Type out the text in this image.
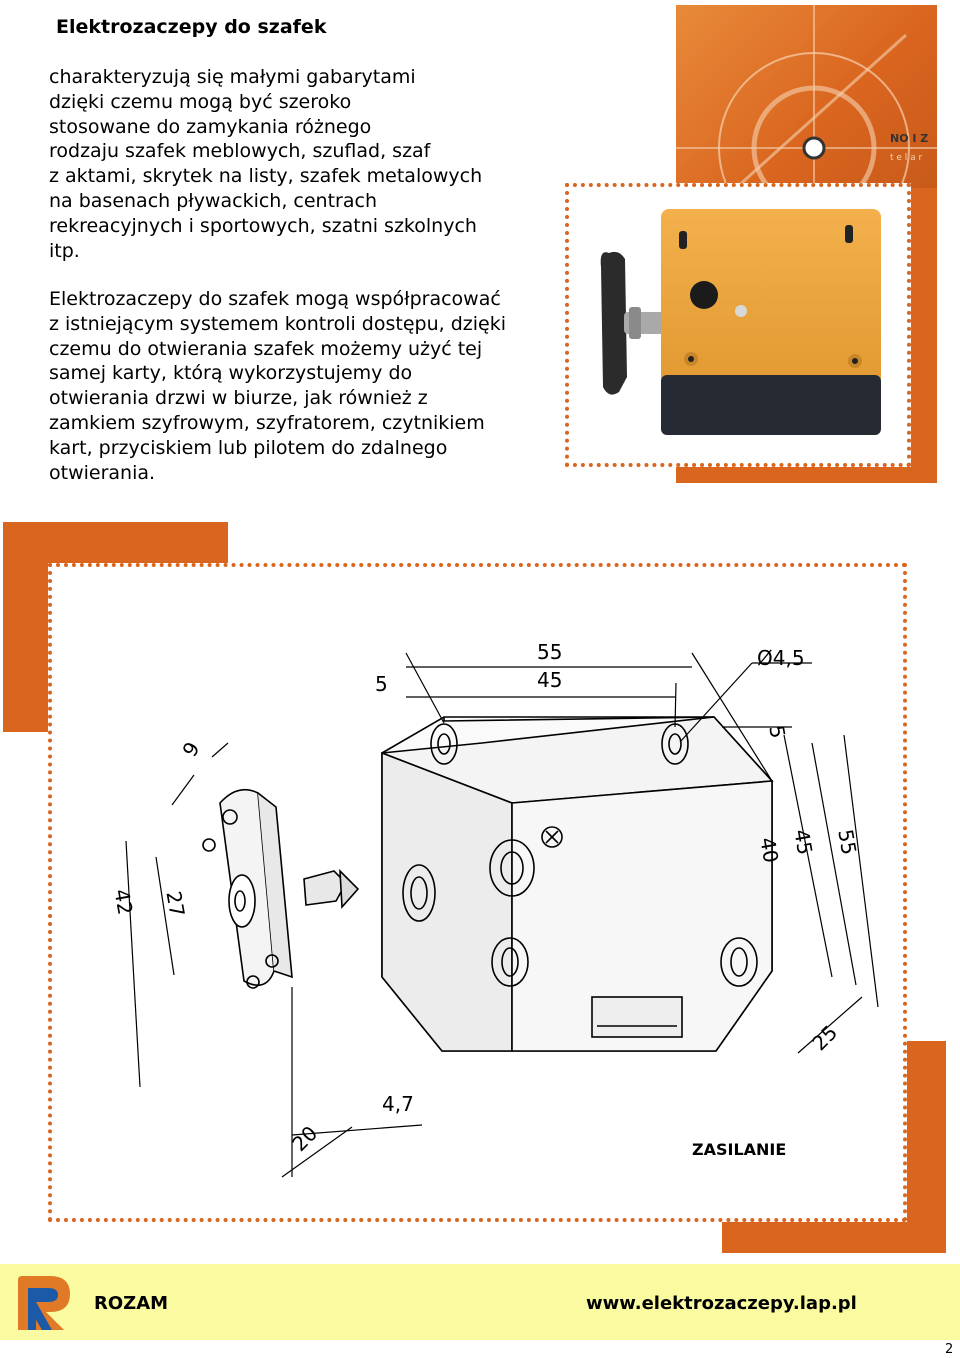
Elektrozaczepy do szafek
charakteryzują się małymi gabarytami
dzięki czemu mogą być szeroko
stosowane do zamykania różnego
rodzaju szafek meblowych, szuflad, szaf
z aktami, skrytek na listy, szafek metalowych
na basenach pływackich, centrach
rekreacyjnych i sportowych, szatni szkolnych
itp.
Elektrozaczepy do szafek mogą współpracować
z istniejącym systemem kontroli dostępu, dzięki
czemu do otwierania szafek możemy użyć tej
samej karty, którą wykorzystujemy do
otwierania drzwi w biurze, jak również z
zamkiem szyfrowym, szyfratorem, czytnikiem
kart, przyciskiem lub pilotem do zdalnego
otwierania.
NO I Z
t e l a r
55
45
5
Ø4,5
5
40 45 55
25
9
42 27
4,7
20	ZASILANIE
ROZAM	www.elektrozaczepy.lap.pl
2
